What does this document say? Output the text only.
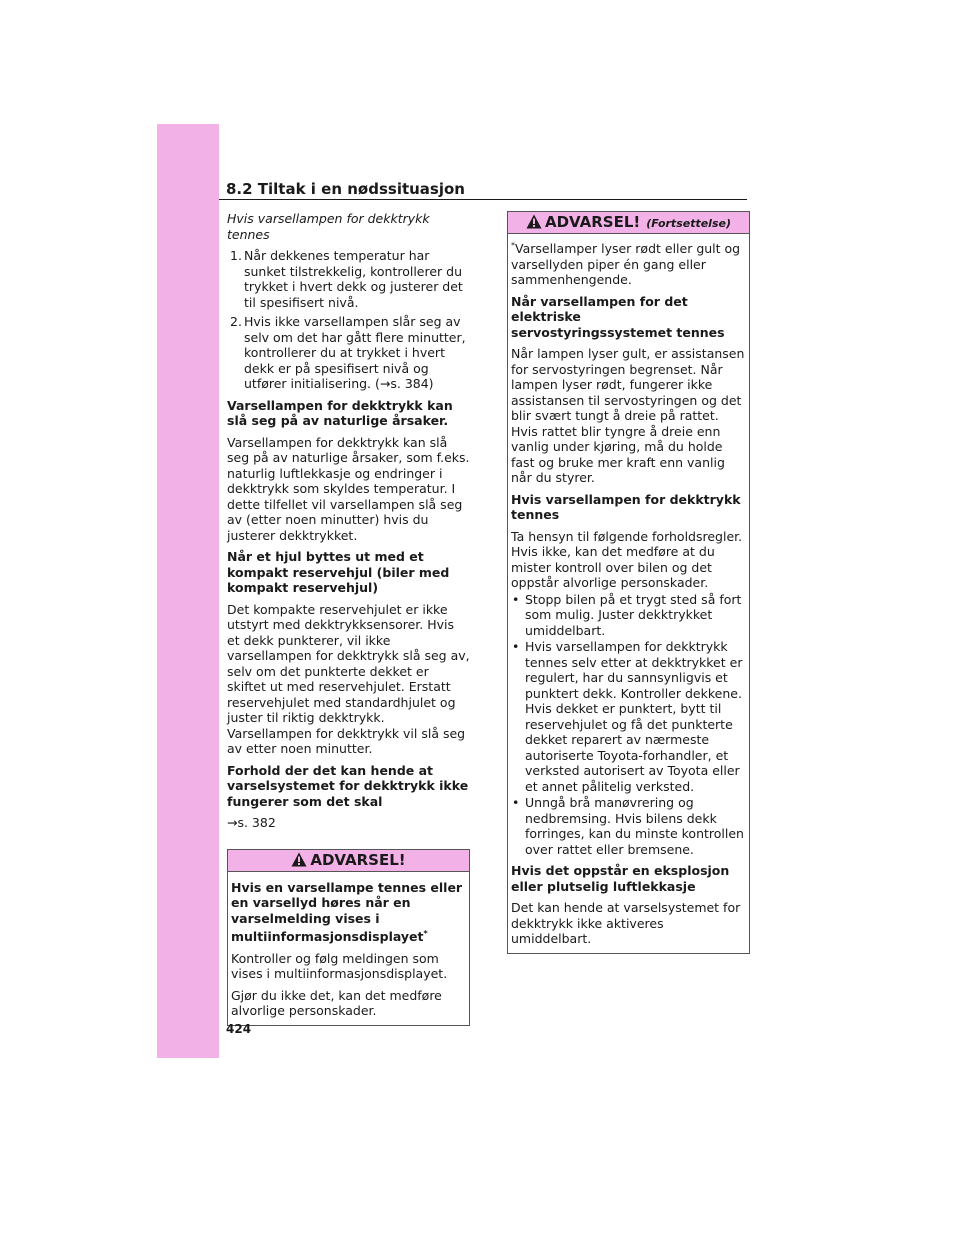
8.2 Tiltak i en nødssituasjon

Hvis varsellampen for dekktrykk tennes

1. Når dekkenes temperatur har sunket tilstrekkelig, kontrollerer du trykket i hvert dekk og justerer det til spesifisert nivå.
2. Hvis ikke varsellampen slår seg av selv om det har gått flere minutter, kontrollerer du at trykket i hvert dekk er på spesifisert nivå og utfører initialisering. (→s. 384)

Varsellampen for dekktrykk kan slå seg på av naturlige årsaker.

Varsellampen for dekktrykk kan slå seg på av naturlige årsaker, som f.eks. naturlig luftlekkasje og endringer i dekktrykk som skyldes temperatur. I dette tilfellet vil varsellampen slå seg av (etter noen minutter) hvis du justerer dekktrykket.

Når et hjul byttes ut med et kompakt reservehjul (biler med kompakt reservehjul)

Det kompakte reservehjulet er ikke utstyrt med dekktrykksensorer. Hvis et dekk punkterer, vil ikke varsellampen for dekktrykk slå seg av, selv om det punkterte dekket er skiftet ut med reservehjulet. Erstatt reservehjulet med standardhjulet og juster til riktig dekktrykk. Varsellampen for dekktrykk vil slå seg av etter noen minutter.

Forhold der det kan hende at varselsystemet for dekktrykk ikke fungerer som det skal

→s. 382

ADVARSEL!

Hvis en varsellampe tennes eller en varsellyd høres når en varselmelding vises i multiinformasjonsdisplayet*

Kontroller og følg meldingen som vises i multiinformasjonsdisplayet.

Gjør du ikke det, kan det medføre alvorlige personskader.

ADVARSEL! (Fortsettelse)

*Varsellamper lyser rødt eller gult og varsellyden piper én gang eller sammenhengende.

Når varsellampen for det elektriske servostyringssystemet tennes

Når lampen lyser gult, er assistansen for servostyringen begrenset. Når lampen lyser rødt, fungerer ikke assistansen til servostyringen og det blir svært tungt å dreie på rattet. Hvis rattet blir tyngre å dreie enn vanlig under kjøring, må du holde fast og bruke mer kraft enn vanlig når du styrer.

Hvis varsellampen for dekktrykk tennes

Ta hensyn til følgende forholdsregler. Hvis ikke, kan det medføre at du mister kontroll over bilen og det oppstår alvorlige personskader.

• Stopp bilen på et trygt sted så fort som mulig. Juster dekktrykket umiddelbart.
• Hvis varsellampen for dekktrykk tennes selv etter at dekktrykket er regulert, har du sannsynligvis et punktert dekk. Kontroller dekkene. Hvis dekket er punktert, bytt til reservehjulet og få det punkterte dekket reparert av nærmeste autoriserte Toyota-forhandler, et verksted autorisert av Toyota eller et annet pålitelig verksted.
• Unngå brå manøvrering og nedbremsing. Hvis bilens dekk forringes, kan du minste kontrollen over rattet eller bremsene.

Hvis det oppstår en eksplosjon eller plutselig luftlekkasje

Det kan hende at varselsystemet for dekktrykk ikke aktiveres umiddelbart.

424
